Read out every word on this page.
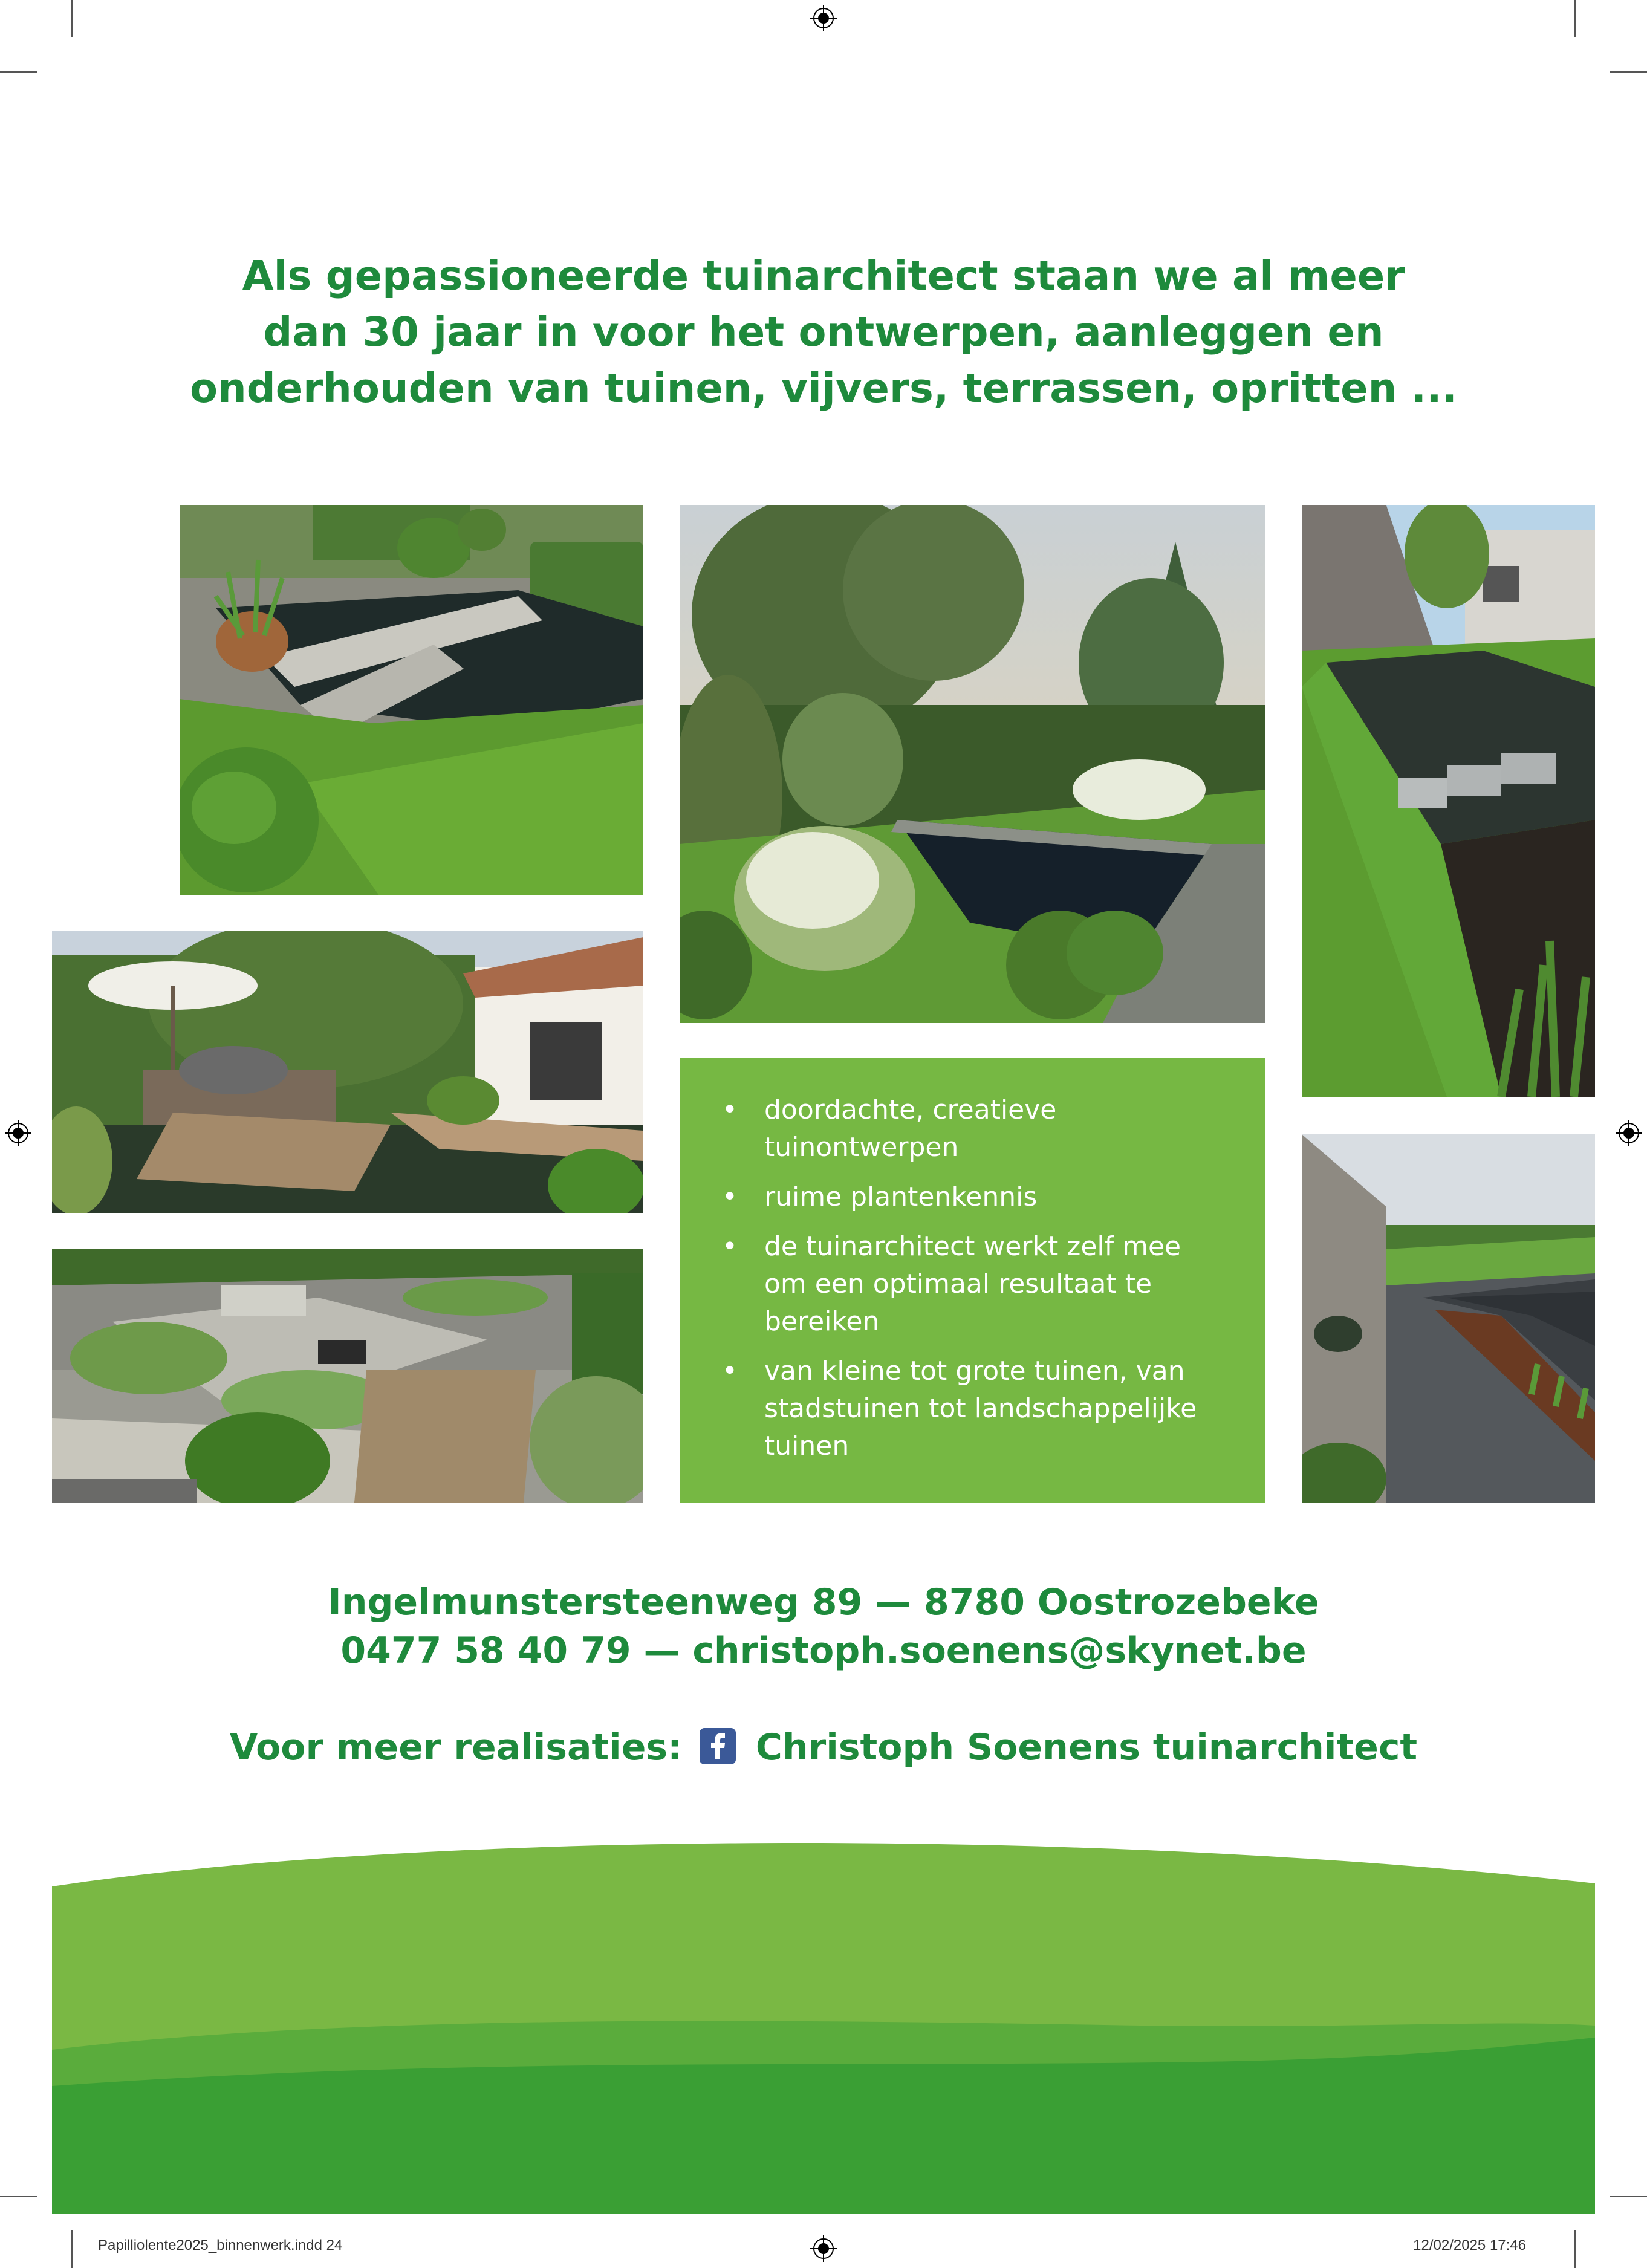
Als gepassioneerde tuinarchitect staan we al meer
dan 30 jaar in voor het ontwerpen, aanleggen en
onderhouden van tuinen, vijvers, terrassen, opritten ...
• doordachte, creatieve
tuinontwerpen
• ruime plantenkennis
• de tuinarchitect werkt zelf mee
om een optimaal resultaat te
bereiken
• van kleine tot grote tuinen, van
stadstuinen tot landschappelijke
tuinen
Ingelmunstersteenweg 89 — 8780 Oostrozebeke
0477 58 40 79 — christoph.soenens@skynet.be
Voor meer realisaties: Christoph Soenens tuinarchitect
Papilliolente2025_binnenwerk.indd 24	12/02/2025 17:46
